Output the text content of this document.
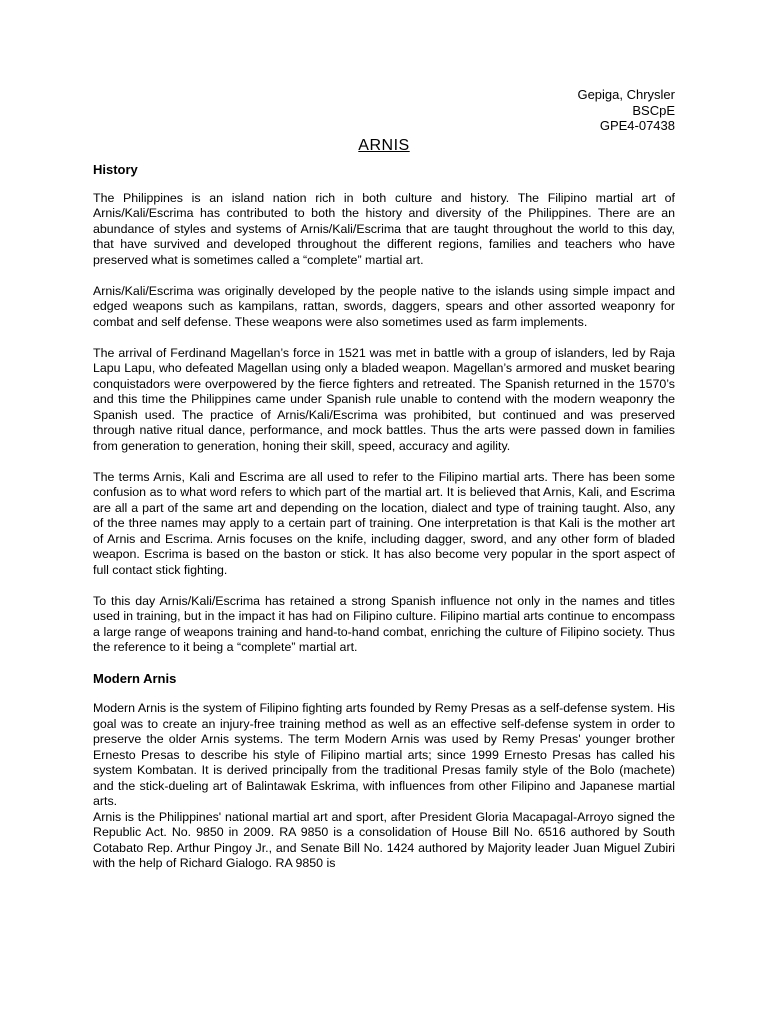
Gepiga, Chrysler
BSCpE
GPE4-07438
ARNIS
History

The Philippines is an island nation rich in both culture and history. The Filipino martial art of Arnis/Kali/Escrima has contributed to both the history and diversity of the Philippines. There are an abundance of styles and systems of Arnis/Kali/Escrima that are taught throughout the world to this day, that have survived and developed throughout the different regions, families and teachers who have preserved what is sometimes called a “complete” martial art.

Arnis/Kali/Escrima was originally developed by the people native to the islands using simple impact and edged weapons such as kampilans, rattan, swords, daggers, spears and other assorted weaponry for combat and self defense. These weapons were also sometimes used as farm implements.

The arrival of Ferdinand Magellan’s force in 1521 was met in battle with a group of islanders, led by Raja Lapu Lapu, who defeated Magellan using only a bladed weapon. Magellan’s armored and musket bearing conquistadors were overpowered by the fierce fighters and retreated. The Spanish returned in the 1570’s and this time the Philippines came under Spanish rule unable to contend with the modern weaponry the Spanish used. The practice of Arnis/Kali/Escrima was prohibited, but continued and was preserved through native ritual dance, performance, and mock battles. Thus the arts were passed down in families from generation to generation, honing their skill, speed, accuracy and agility.

The terms Arnis, Kali and Escrima are all used to refer to the Filipino martial arts. There has been some confusion as to what word refers to which part of the martial art. It is believed that Arnis, Kali, and Escrima are all a part of the same art and depending on the location, dialect and type of training taught. Also, any of the three names may apply to a certain part of training. One interpretation is that Kali is the mother art of Arnis and Escrima. Arnis focuses on the knife, including dagger, sword, and any other form of bladed weapon. Escrima is based on the baston or stick. It has also become very popular in the sport aspect of full contact stick fighting.

To this day Arnis/Kali/Escrima has retained a strong Spanish influence not only in the names and titles used in training, but in the impact it has had on Filipino culture. Filipino martial arts continue to encompass a large range of weapons training and hand-to-hand combat, enriching the culture of Filipino society. Thus the reference to it being a “complete” martial art.

Modern Arnis

Modern Arnis is the system of Filipino fighting arts founded by Remy Presas as a self-defense system. His goal was to create an injury-free training method as well as an effective self-defense system in order to preserve the older Arnis systems. The term Modern Arnis was used by Remy Presas' younger brother Ernesto Presas to describe his style of Filipino martial arts; since 1999 Ernesto Presas has called his system Kombatan. It is derived principally from the traditional Presas family style of the Bolo (machete) and the stick-dueling art of Balintawak Eskrima, with influences from other Filipino and Japanese martial arts.

Arnis is the Philippines' national martial art and sport, after President Gloria Macapagal-Arroyo signed the Republic Act. No. 9850 in 2009. RA 9850 is a consolidation of House Bill No. 6516 authored by South Cotabato Rep. Arthur Pingoy Jr., and Senate Bill No. 1424 authored by Majority leader Juan Miguel Zubiri with the help of Richard Gialogo. RA 9850 is
